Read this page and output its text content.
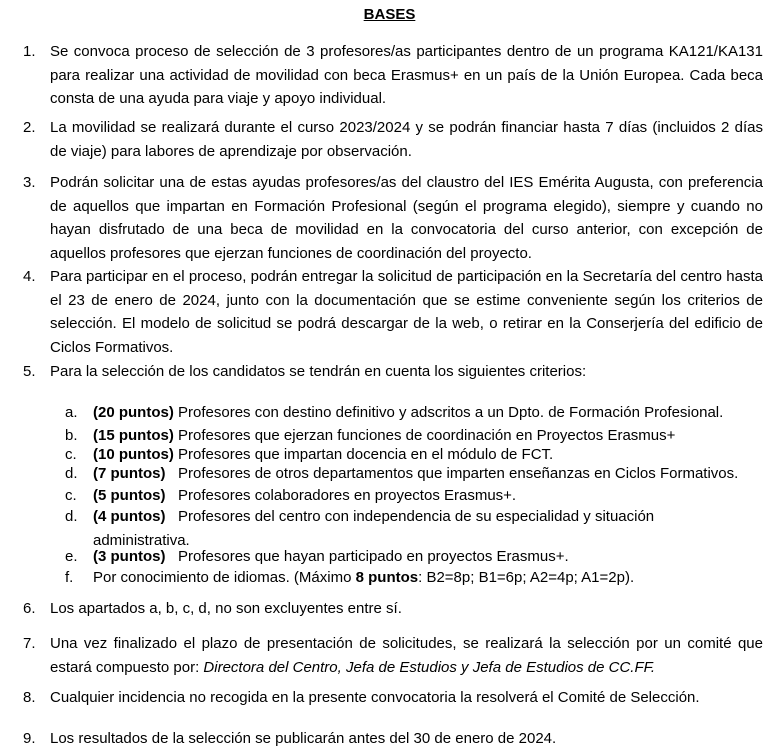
BASES
1. Se convoca proceso de selección de 3 profesores/as participantes dentro de un programa KA121/KA131 para realizar una actividad de movilidad con beca Erasmus+ en un país de la Unión Europea. Cada beca consta de una ayuda para viaje y apoyo individual.
2. La movilidad se realizará durante el curso 2023/2024 y se podrán financiar hasta 7 días (incluidos 2 días de viaje) para labores de aprendizaje por observación.
3. Podrán solicitar una de estas ayudas profesores/as del claustro del IES Emérita Augusta, con preferencia de aquellos que impartan en Formación Profesional (según el programa elegido), siempre y cuando no hayan disfrutado de una beca de movilidad en la convocatoria del curso anterior, con excepción de aquellos profesores que ejerzan funciones de coordinación del proyecto.
4. Para participar en el proceso, podrán entregar la solicitud de participación en la Secretaría del centro hasta el 23 de enero de 2024, junto con la documentación que se estime conveniente según los criterios de selección. El modelo de solicitud se podrá descargar de la web, o retirar en la Conserjería del edificio de Ciclos Formativos.
5. Para la selección de los candidatos se tendrán en cuenta los siguientes criterios:
a. (20 puntos) Profesores con destino definitivo y adscritos a un Dpto. de Formación Profesional.
b. (15 puntos) Profesores que ejerzan funciones de coordinación en Proyectos Erasmus+
c. (10 puntos) Profesores que impartan docencia en el módulo de FCT.
d. (7 puntos)   Profesores de otros departamentos que imparten enseñanzas en Ciclos Formativos.
c. (5 puntos)   Profesores colaboradores en proyectos Erasmus+.
d. (4 puntos)   Profesores del centro con independencia de su especialidad y situación administrativa.
e. (3 puntos)   Profesores que hayan participado en proyectos Erasmus+.
f. Por conocimiento de idiomas. (Máximo 8 puntos: B2=8p; B1=6p; A2=4p; A1=2p).
6. Los apartados a, b, c, d, no son excluyentes entre sí.
7. Una vez finalizado el plazo de presentación de solicitudes, se realizará la selección por un comité que estará compuesto por: Directora del Centro, Jefa de Estudios y Jefa de Estudios de CC.FF.
8. Cualquier incidencia no recogida en la presente convocatoria la resolverá el Comité de Selección.
9. Los resultados de la selección se publicarán antes del 30 de enero de 2024.
